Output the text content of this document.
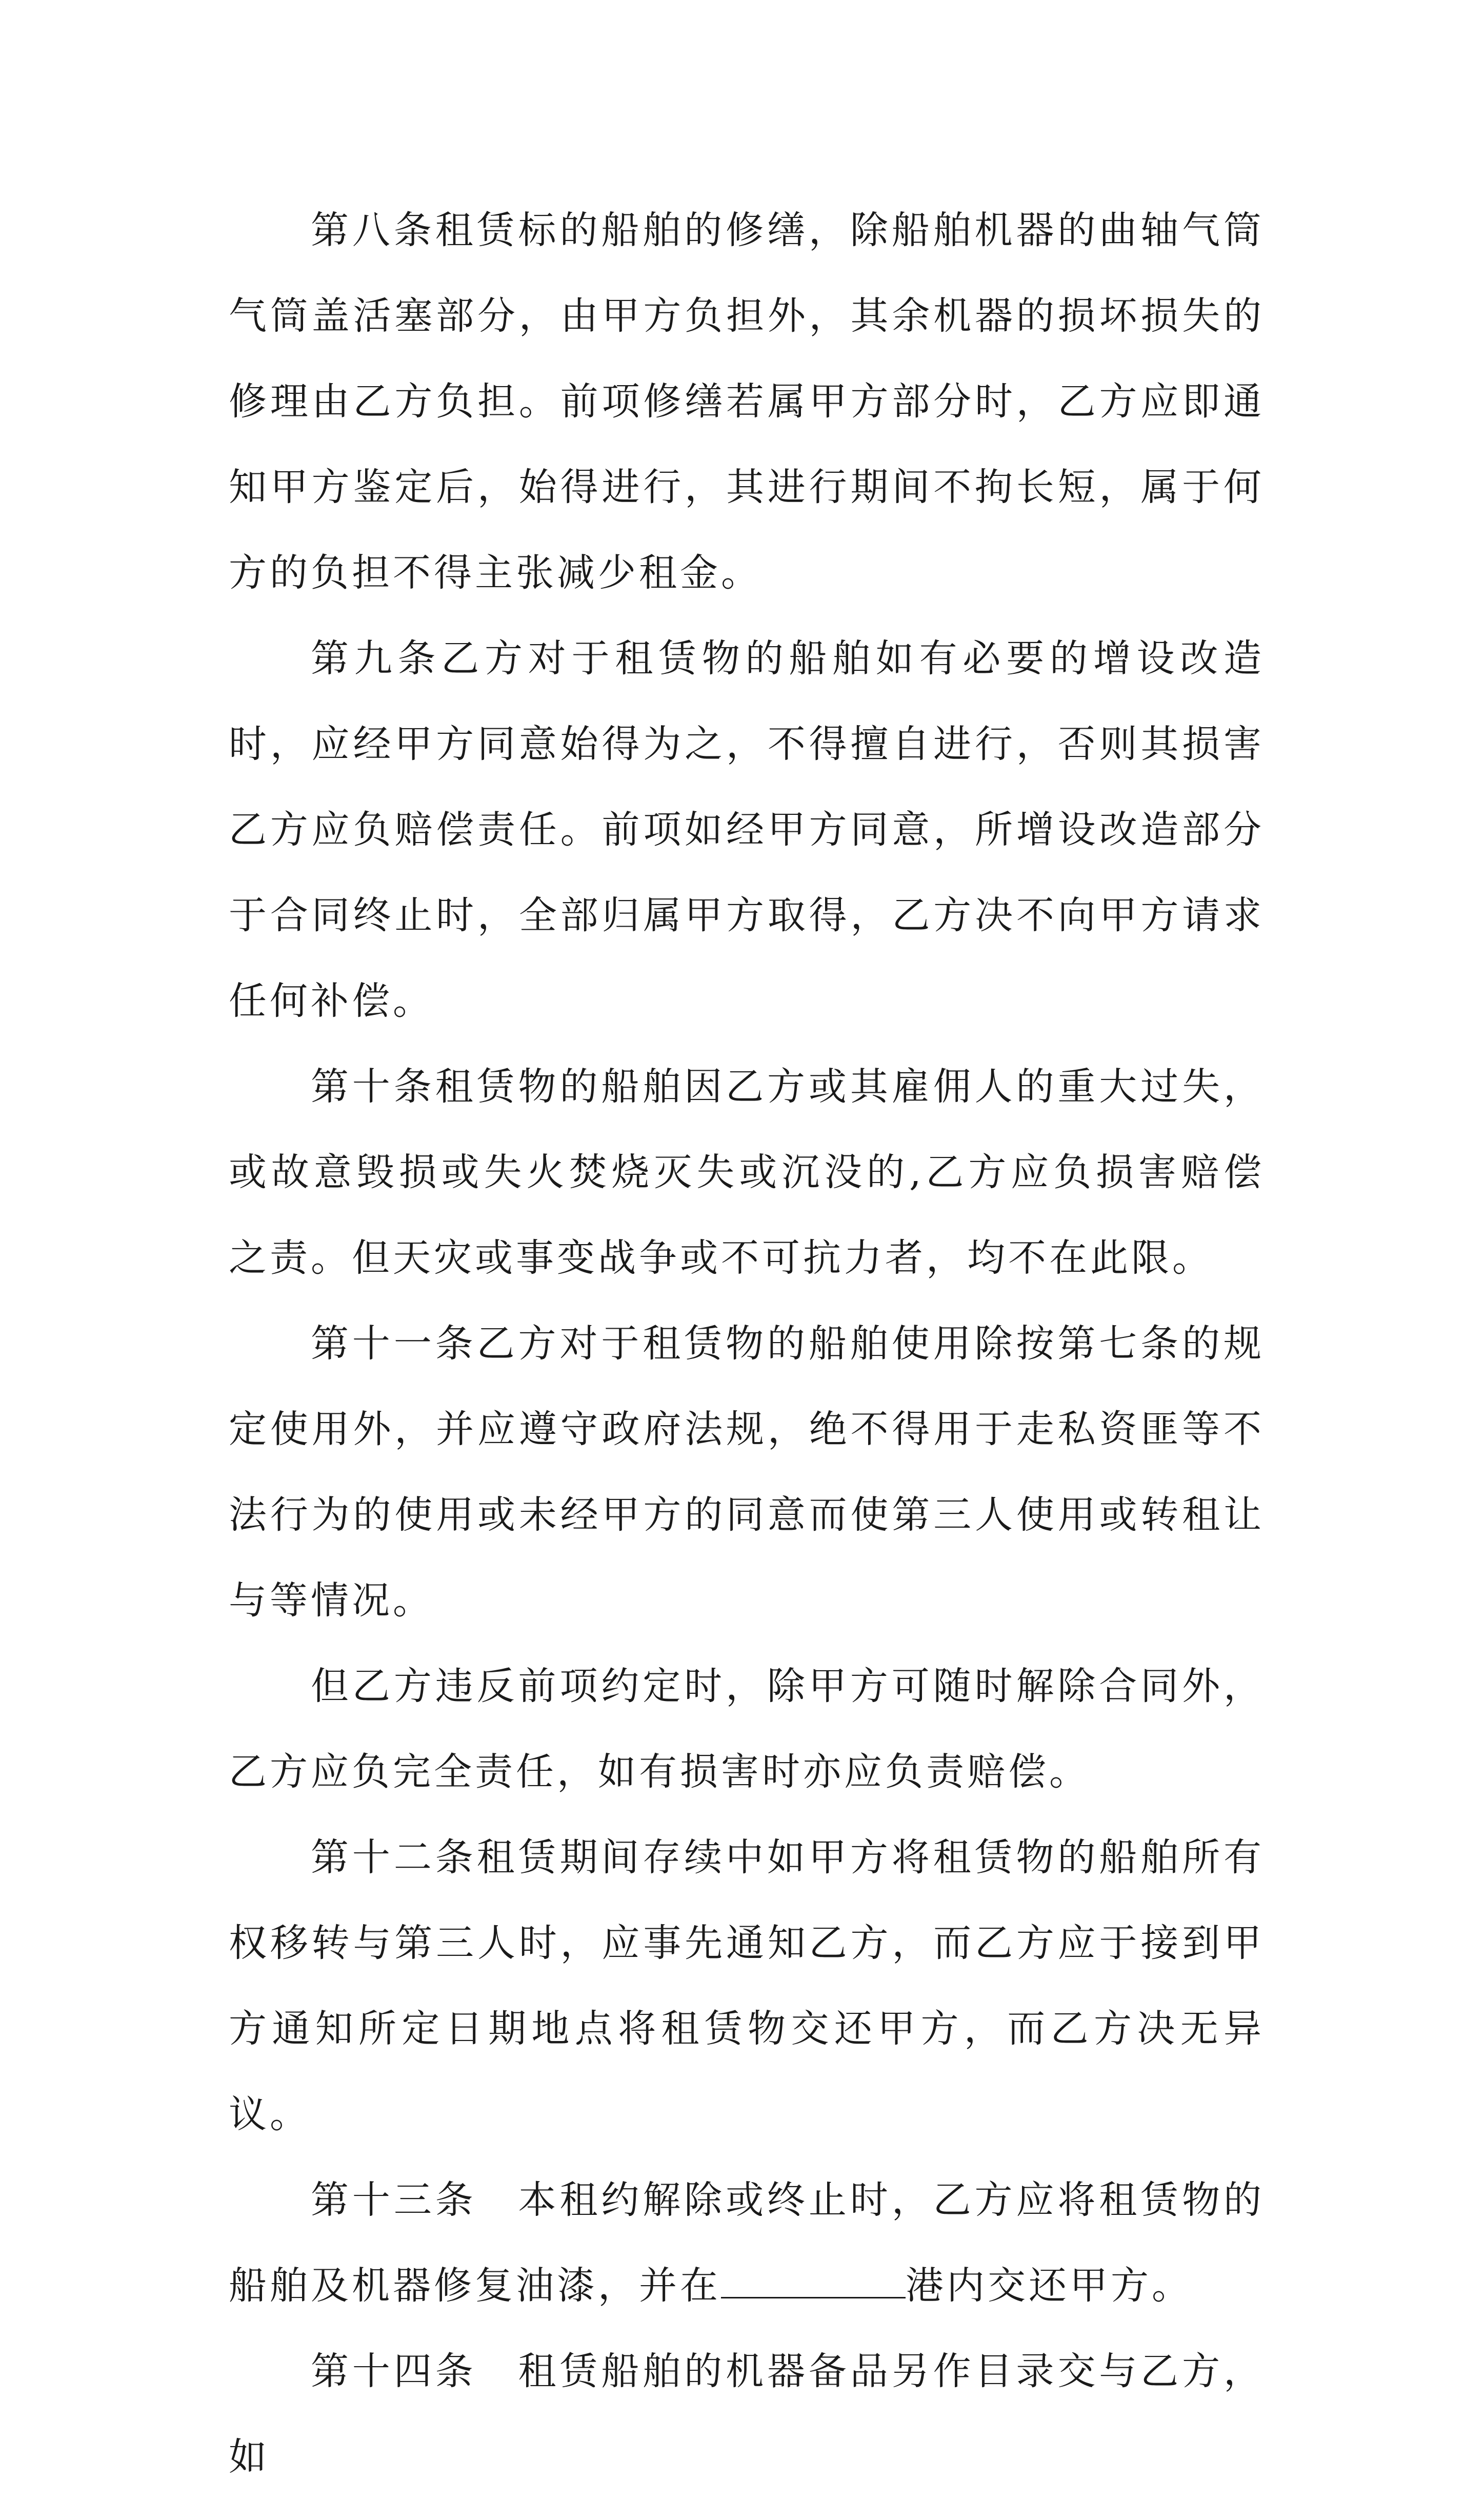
第八条租赁标的船舶的修缮，除船舶机器的曲轴气筒气筒盖活塞部分，由甲方负担外，其余机器的损坏损失的修理由乙方负担。前项修缮若属甲方部分时，乙方应即通知甲方鉴定后，始得进行，其进行期间不拘长短，属于何方的负担不得主张减少租金。

第九条乙方对于租赁物的船舶如有必要的增设改造时，应经甲方同意始得为之，不得擅自进行，否则其损害乙方应负赔偿责任。前项如经甲方同意，所增设改造部分于合同终止时，全部归属甲方取得，乙方决不向甲方请求任何补偿。

第十条租赁物的船舶因乙方或其雇佣人的重大过失，或故意毁损或失火焚烧灭失或沉没的,乙方应负损害赔偿之责。但天灾或事变战争或不可抗力者，均不在此限。

第十一条乙方对于租赁物的船舶使用除按第七条的规定使用外，并应遵守政府法规，绝不得用于走私资匪等不法行为的使用或未经甲方的同意而使第三人使用或转租让与等情况。

但乙方违反前项约定时，除甲方可随时解除合同外，乙方应负完全责任，如有损害时亦应负责赔偿。

第十二条租赁期间存续中如甲方将租赁物的船舶所有权移转与第三人时，应事先通知乙方，而乙方应于接到甲方通知所定日期地点将租赁物交还甲方，而乙方决无异议。

第十三条　本租约解除或终止时，乙方应将租赁物的船舶及机器修复油漆，并在	港内交还甲方。

第十四条　租赁船舶的机器备品另作目录交与乙方，如
